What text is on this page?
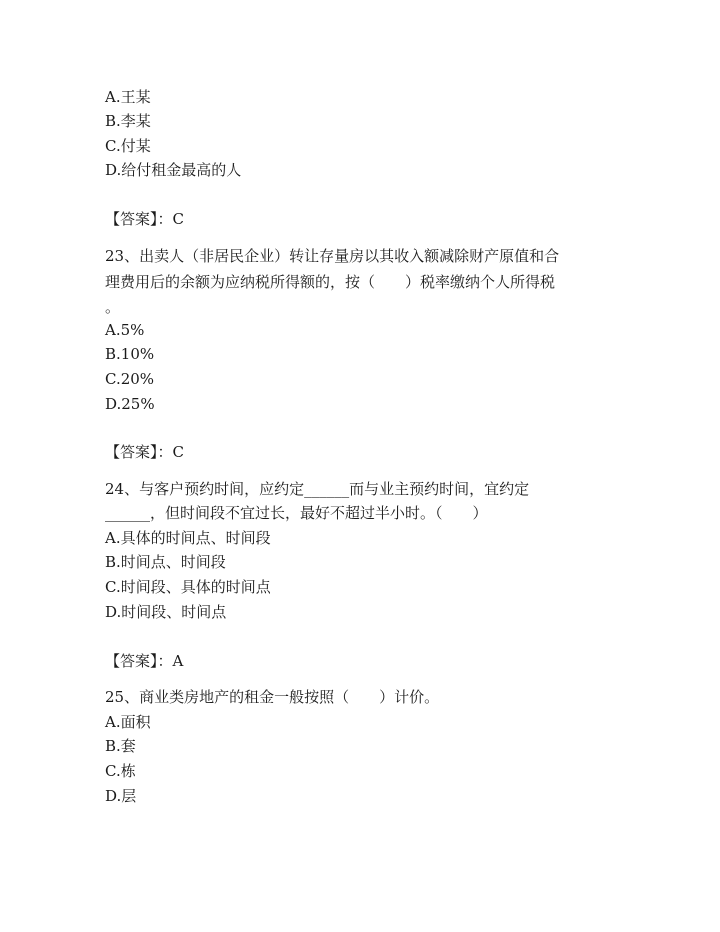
A.王某
B.李某
C.付某
D.给付租金最高的人
【答案】：C
23、出卖人（非居民企业）转让存量房以其收入额减除财产原值和合
理费用后的余额为应纳税所得额的，按（　　）税率缴纳个人所得税
。
A.5%
B.10%
C.20%
D.25%
【答案】：C
24、与客户预约时间，应约定______而与业主预约时间，宜约定
______，但时间段不宜过长，最好不超过半小时。（　　）
A.具体的时间点、时间段
B.时间点、时间段
C.时间段、具体的时间点
D.时间段、时间点
【答案】：A
25、商业类房地产的租金一般按照（　　）计价。
A.面积
B.套
C.栋
D.层
